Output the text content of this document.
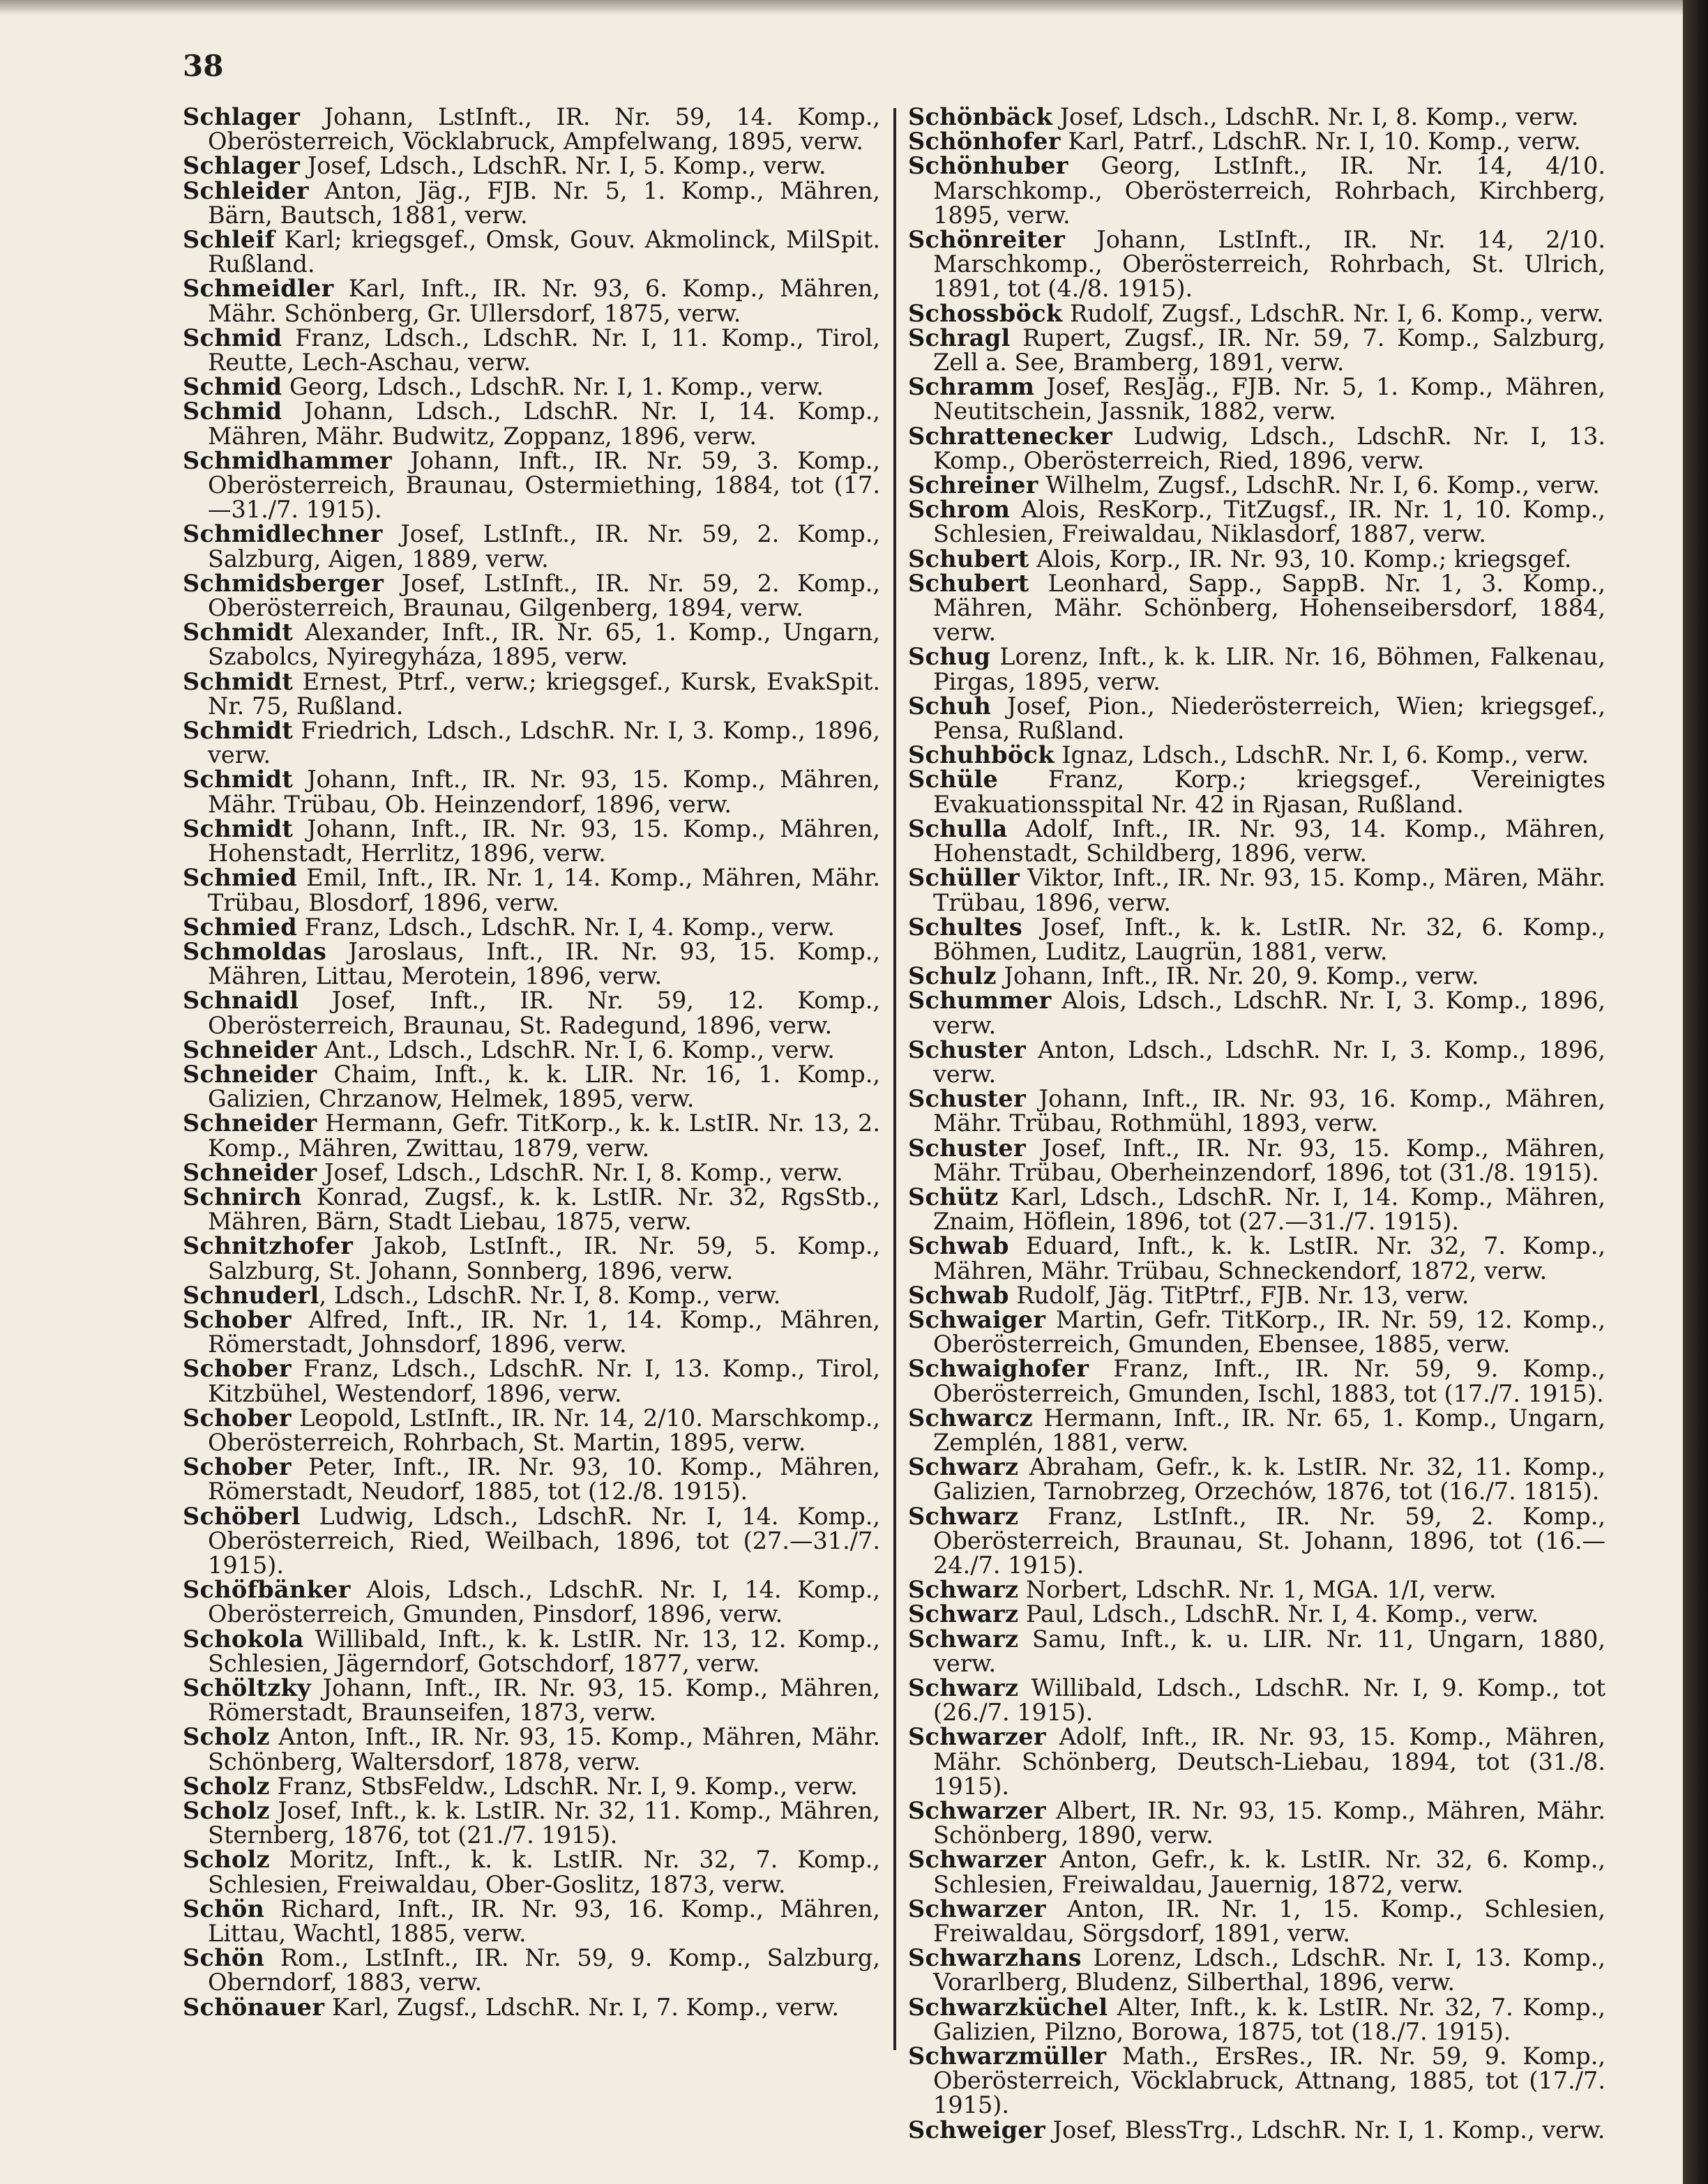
38
Schlager Johann, LstInft., IR. Nr. 59, 14. Komp., Oberösterreich, Vöcklabruck, Ampfelwang, 1895, verw.
Schlager Josef, Ldsch., LdschR. Nr. I, 5. Komp., verw.
Schleider Anton, Jäg., FJB. Nr. 5, 1. Komp., Mähren, Bärn, Bautsch, 1881, verw.
Schleif Karl; kriegsgef., Omsk, Gouv. Akmolinck, MilSpit. Rußland.
Schmeidler Karl, Inft., IR. Nr. 93, 6. Komp., Mähren, Mähr. Schönberg, Gr. Ullersdorf, 1875, verw.
Schmid Franz, Ldsch., LdschR. Nr. I, 11. Komp., Tirol, Reutte, Lech-Aschau, verw.
Schmid Georg, Ldsch., LdschR. Nr. I, 1. Komp., verw.
Schmid Johann, Ldsch., LdschR. Nr. I, 14. Komp., Mähren, Mähr. Budwitz, Zoppanz, 1896, verw.
Schmidhammer Johann, Inft., IR. Nr. 59, 3. Komp., Oberösterreich, Braunau, Ostermiething, 1884, tot (17.—31./7. 1915).
Schmidlechner Josef, LstInft., IR. Nr. 59, 2. Komp., Salzburg, Aigen, 1889, verw.
Schmidsberger Josef, LstInft., IR. Nr. 59, 2. Komp., Oberösterreich, Braunau, Gilgenberg, 1894, verw.
Schmidt Alexander, Inft., IR. Nr. 65, 1. Komp., Ungarn, Szabolcs, Nyiregyháza, 1895, verw.
Schmidt Ernest, Ptrf., verw.; kriegsgef., Kursk, EvakSpit. Nr. 75, Rußland.
Schmidt Friedrich, Ldsch., LdschR. Nr. I, 3. Komp., 1896, verw.
Schmidt Johann, Inft., IR. Nr. 93, 15. Komp., Mähren, Mähr. Trübau, Ob. Heinzendorf, 1896, verw.
Schmidt Johann, Inft., IR. Nr. 93, 15. Komp., Mähren, Hohenstadt, Herrlitz, 1896, verw.
Schmied Emil, Inft., IR. Nr. 1, 14. Komp., Mähren, Mähr. Trübau, Blosdorf, 1896, verw.
Schmied Franz, Ldsch., LdschR. Nr. I, 4. Komp., verw.
Schmoldas Jaroslaus, Inft., IR. Nr. 93, 15. Komp., Mähren, Littau, Merotein, 1896, verw.
Schnaidl Josef, Inft., IR. Nr. 59, 12. Komp., Oberösterreich, Braunau, St. Radegund, 1896, verw.
Schneider Ant., Ldsch., LdschR. Nr. I, 6. Komp., verw.
Schneider Chaim, Inft., k. k. LIR. Nr. 16, 1. Komp., Galizien, Chrzanow, Helmek, 1895, verw.
Schneider Hermann, Gefr. TitKorp., k. k. LstIR. Nr. 13, 2. Komp., Mähren, Zwittau, 1879, verw.
Schneider Josef, Ldsch., LdschR. Nr. I, 8. Komp., verw.
Schnirch Konrad, Zugsf., k. k. LstIR. Nr. 32, RgsStb., Mähren, Bärn, Stadt Liebau, 1875, verw.
Schnitzhofer Jakob, LstInft., IR. Nr. 59, 5. Komp., Salzburg, St. Johann, Sonnberg, 1896, verw.
Schnuderl, Ldsch., LdschR. Nr. I, 8. Komp., verw.
Schober Alfred, Inft., IR. Nr. 1, 14. Komp., Mähren, Römerstadt, Johnsdorf, 1896, verw.
Schober Franz, Ldsch., LdschR. Nr. I, 13. Komp., Tirol, Kitzbühel, Westendorf, 1896, verw.
Schober Leopold, LstInft., IR. Nr. 14, 2/10. Marschkomp., Oberösterreich, Rohrbach, St. Martin, 1895, verw.
Schober Peter, Inft., IR. Nr. 93, 10. Komp., Mähren, Römerstadt, Neudorf, 1885, tot (12./8. 1915).
Schöberl Ludwig, Ldsch., LdschR. Nr. I, 14. Komp., Oberösterreich, Ried, Weilbach, 1896, tot (27.—31./7. 1915).
Schöfbänker Alois, Ldsch., LdschR. Nr. I, 14. Komp., Oberösterreich, Gmunden, Pinsdorf, 1896, verw.
Schokola Willibald, Inft., k. k. LstIR. Nr. 13, 12. Komp., Schlesien, Jägerndorf, Gotschdorf, 1877, verw.
Schöltzky Johann, Inft., IR. Nr. 93, 15. Komp., Mähren, Römerstadt, Braunseifen, 1873, verw.
Scholz Anton, Inft., IR. Nr. 93, 15. Komp., Mähren, Mähr. Schönberg, Waltersdorf, 1878, verw.
Scholz Franz, StbsFeldw., LdschR. Nr. I, 9. Komp., verw.
Scholz Josef, Inft., k. k. LstIR. Nr. 32, 11. Komp., Mähren, Sternberg, 1876, tot (21./7. 1915).
Scholz Moritz, Inft., k. k. LstIR. Nr. 32, 7. Komp., Schlesien, Freiwaldau, Ober-Goslitz, 1873, verw.
Schön Richard, Inft., IR. Nr. 93, 16. Komp., Mähren, Littau, Wachtl, 1885, verw.
Schön Rom., LstInft., IR. Nr. 59, 9. Komp., Salzburg, Oberndorf, 1883, verw.
Schönauer Karl, Zugsf., LdschR. Nr. I, 7. Komp., verw.
Schönbäck Josef, Ldsch., LdschR. Nr. I, 8. Komp., verw.
Schönhofer Karl, Patrf., LdschR. Nr. I, 10. Komp., verw.
Schönhuber Georg, LstInft., IR. Nr. 14, 4/10. Marschkomp., Oberösterreich, Rohrbach, Kirchberg, 1895, verw.
Schönreiter Johann, LstInft., IR. Nr. 14, 2/10. Marschkomp., Oberösterreich, Rohrbach, St. Ulrich, 1891, tot (4./8. 1915).
Schossböck Rudolf, Zugsf., LdschR. Nr. I, 6. Komp., verw.
Schragl Rupert, Zugsf., IR. Nr. 59, 7. Komp., Salzburg, Zell a. See, Bramberg, 1891, verw.
Schramm Josef, ResJäg., FJB. Nr. 5, 1. Komp., Mähren, Neutitschein, Jassnik, 1882, verw.
Schrattenecker Ludwig, Ldsch., LdschR. Nr. I, 13. Komp., Oberösterreich, Ried, 1896, verw.
Schreiner Wilhelm, Zugsf., LdschR. Nr. I, 6. Komp., verw.
Schrom Alois, ResKorp., TitZugsf., IR. Nr. 1, 10. Komp., Schlesien, Freiwaldau, Niklasdorf, 1887, verw.
Schubert Alois, Korp., IR. Nr. 93, 10. Komp.; kriegsgef.
Schubert Leonhard, Sapp., SappB. Nr. 1, 3. Komp., Mähren, Mähr. Schönberg, Hohenseibersdorf, 1884, verw.
Schug Lorenz, Inft., k. k. LIR. Nr. 16, Böhmen, Falkenau, Pirgas, 1895, verw.
Schuh Josef, Pion., Niederösterreich, Wien; kriegsgef., Pensa, Rußland.
Schuhböck Ignaz, Ldsch., LdschR. Nr. I, 6. Komp., verw.
Schüle Franz, Korp.; kriegsgef., Vereinigtes Evakuationsspital Nr. 42 in Rjasan, Rußland.
Schulla Adolf, Inft., IR. Nr. 93, 14. Komp., Mähren, Hohenstadt, Schildberg, 1896, verw.
Schüller Viktor, Inft., IR. Nr. 93, 15. Komp., Mären, Mähr. Trübau, 1896, verw.
Schultes Josef, Inft., k. k. LstIR. Nr. 32, 6. Komp., Böhmen, Luditz, Laugrün, 1881, verw.
Schulz Johann, Inft., IR. Nr. 20, 9. Komp., verw.
Schummer Alois, Ldsch., LdschR. Nr. I, 3. Komp., 1896, verw.
Schuster Anton, Ldsch., LdschR. Nr. I, 3. Komp., 1896, verw.
Schuster Johann, Inft., IR. Nr. 93, 16. Komp., Mähren, Mähr. Trübau, Rothmühl, 1893, verw.
Schuster Josef, Inft., IR. Nr. 93, 15. Komp., Mähren, Mähr. Trübau, Oberheinzendorf, 1896, tot (31./8. 1915).
Schütz Karl, Ldsch., LdschR. Nr. I, 14. Komp., Mähren, Znaim, Höflein, 1896, tot (27.—31./7. 1915).
Schwab Eduard, Inft., k. k. LstIR. Nr. 32, 7. Komp., Mähren, Mähr. Trübau, Schneckendorf, 1872, verw.
Schwab Rudolf, Jäg. TitPtrf., FJB. Nr. 13, verw.
Schwaiger Martin, Gefr. TitKorp., IR. Nr. 59, 12. Komp., Oberösterreich, Gmunden, Ebensee, 1885, verw.
Schwaighofer Franz, Inft., IR. Nr. 59, 9. Komp., Oberösterreich, Gmunden, Ischl, 1883, tot (17./7. 1915).
Schwarcz Hermann, Inft., IR. Nr. 65, 1. Komp., Ungarn, Zemplén, 1881, verw.
Schwarz Abraham, Gefr., k. k. LstIR. Nr. 32, 11. Komp., Galizien, Tarnobrzeg, Orzechów, 1876, tot (16./7. 1815).
Schwarz Franz, LstInft., IR. Nr. 59, 2. Komp., Oberösterreich, Braunau, St. Johann, 1896, tot (16.—24./7. 1915).
Schwarz Norbert, LdschR. Nr. 1, MGA. 1/I, verw.
Schwarz Paul, Ldsch., LdschR. Nr. I, 4. Komp., verw.
Schwarz Samu, Inft., k. u. LIR. Nr. 11, Ungarn, 1880, verw.
Schwarz Willibald, Ldsch., LdschR. Nr. I, 9. Komp., tot (26./7. 1915).
Schwarzer Adolf, Inft., IR. Nr. 93, 15. Komp., Mähren, Mähr. Schönberg, Deutsch-Liebau, 1894, tot (31./8. 1915).
Schwarzer Albert, IR. Nr. 93, 15. Komp., Mähren, Mähr. Schönberg, 1890, verw.
Schwarzer Anton, Gefr., k. k. LstIR. Nr. 32, 6. Komp., Schlesien, Freiwaldau, Jauernig, 1872, verw.
Schwarzer Anton, IR. Nr. 1, 15. Komp., Schlesien, Freiwaldau, Sörgsdorf, 1891, verw.
Schwarzhans Lorenz, Ldsch., LdschR. Nr. I, 13. Komp., Vorarlberg, Bludenz, Silberthal, 1896, verw.
Schwarzküchel Alter, Inft., k. k. LstIR. Nr. 32, 7. Komp., Galizien, Pilzno, Borowa, 1875, tot (18./7. 1915).
Schwarzmüller Math., ErsRes., IR. Nr. 59, 9. Komp., Oberösterreich, Vöcklabruck, Attnang, 1885, tot (17./7. 1915).
Schweiger Josef, BlessTrg., LdschR. Nr. I, 1. Komp., verw.
